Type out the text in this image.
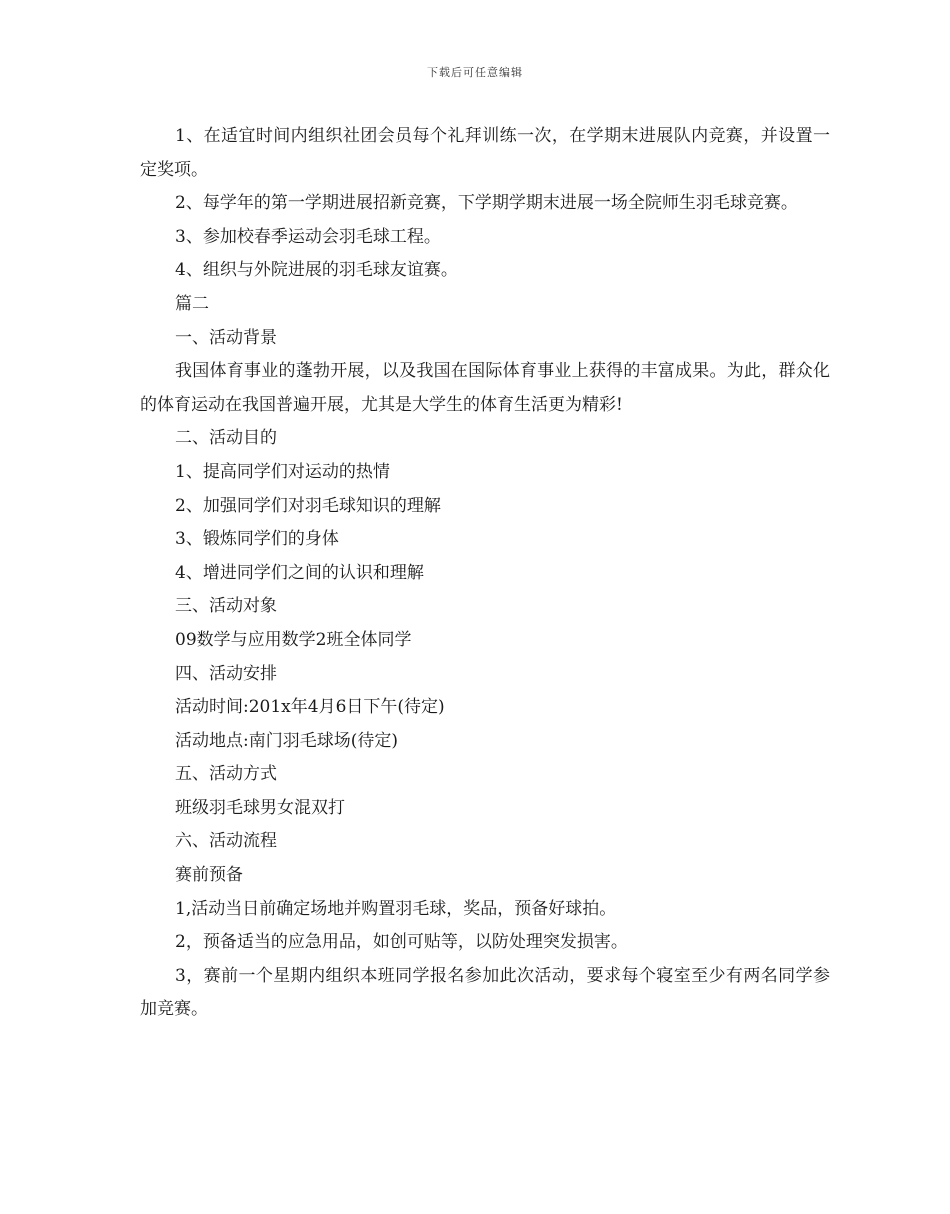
下载后可任意编辑

1、在适宜时间内组织社团会员每个礼拜训练一次，在学期末进展队内竞赛，并设置一定奖项。

2、每学年的第一学期进展招新竞赛，下学期学期末进展一场全院师生羽毛球竞赛。

3、参加校春季运动会羽毛球工程。

4、组织与外院进展的羽毛球友谊赛。

篇二

一、活动背景

我国体育事业的蓬勃开展，以及我国在国际体育事业上获得的丰富成果。为此，群众化的体育运动在我国普遍开展，尤其是大学生的体育生活更为精彩!

二、活动目的

1、提高同学们对运动的热情

2、加强同学们对羽毛球知识的理解

3、锻炼同学们的身体

4、增进同学们之间的认识和理解

三、活动对象

09数学与应用数学2班全体同学

四、活动安排

活动时间:201x年4月6日下午(待定)

活动地点:南门羽毛球场(待定)

五、活动方式

班级羽毛球男女混双打

六、活动流程

赛前预备

1,活动当日前确定场地并购置羽毛球，奖品，预备好球拍。

2，预备适当的应急用品，如创可贴等，以防处理突发损害。

3，赛前一个星期内组织本班同学报名参加此次活动，要求每个寝室至少有两名同学参加竞赛。
